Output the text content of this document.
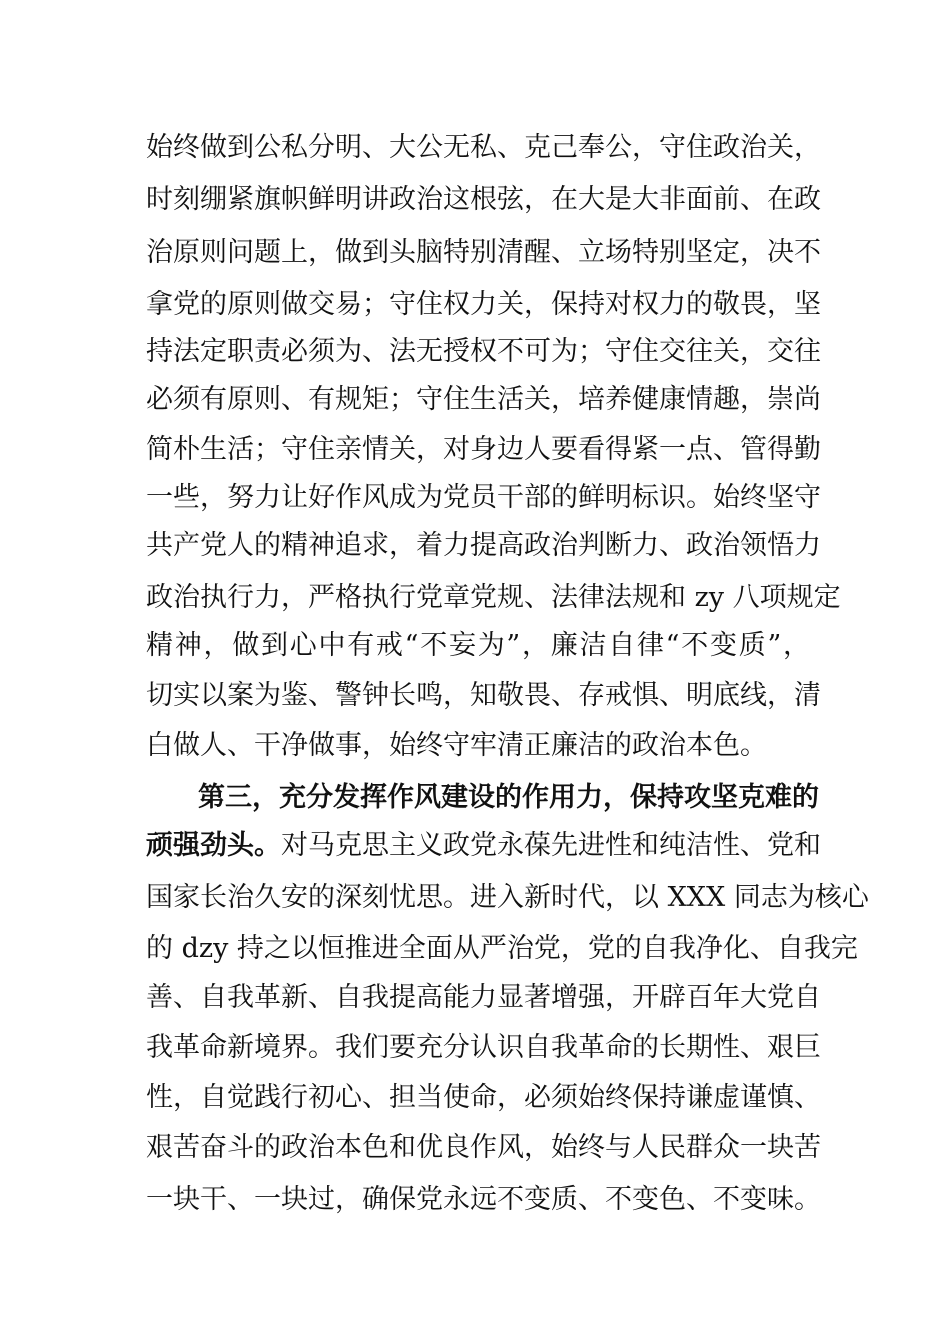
始终做到公私分明、大公无私、克己奉公，守住政治关，
时刻绷紧旗帜鲜明讲政治这根弦，在大是大非面前、在政
治原则问题上，做到头脑特别清醒、立场特别坚定，决不
拿党的原则做交易；守住权力关，保持对权力的敬畏，坚
持法定职责必须为、法无授权不可为；守住交往关，交往
必须有原则、有规矩；守住生活关，培养健康情趣，崇尚
简朴生活；守住亲情关，对身边人要看得紧一点、管得勤
一些，努力让好作风成为党员干部的鲜明标识。始终坚守
共产党人的精神追求，着力提高政治判断力、政治领悟力
政治执行力，严格执行党章党规、法律法规和 zy 八项规定
精神，做到心中有戒“不妄为”，廉洁自律“不变质”，
切实以案为鉴、警钟长鸣，知敬畏、存戒惧、明底线，清
白做人、干净做事，始终守牢清正廉洁的政治本色。
第三，充分发挥作风建设的作用力，保持攻坚克难的
顽强劲头。对马克思主义政党永葆先进性和纯洁性、党和
国家长治久安的深刻忧思。进入新时代，以 XXX 同志为核心
的 dzy 持之以恒推进全面从严治党，党的自我净化、自我完
善、自我革新、自我提高能力显著增强，开辟百年大党自
我革命新境界。我们要充分认识自我革命的长期性、艰巨
性，自觉践行初心、担当使命，必须始终保持谦虚谨慎、
艰苦奋斗的政治本色和优良作风，始终与人民群众一块苦
一块干、一块过，确保党永远不变质、不变色、不变味。
